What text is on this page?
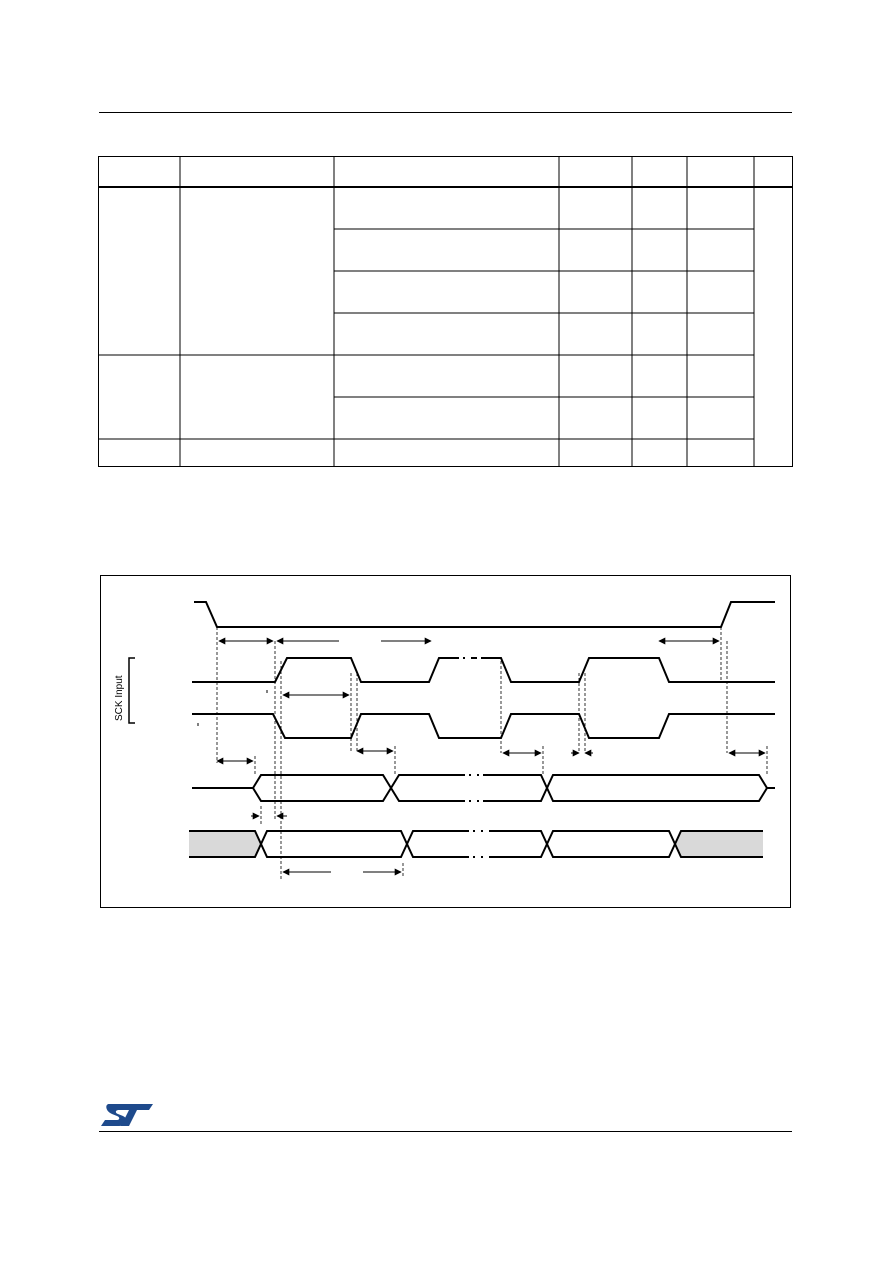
SCK Input
